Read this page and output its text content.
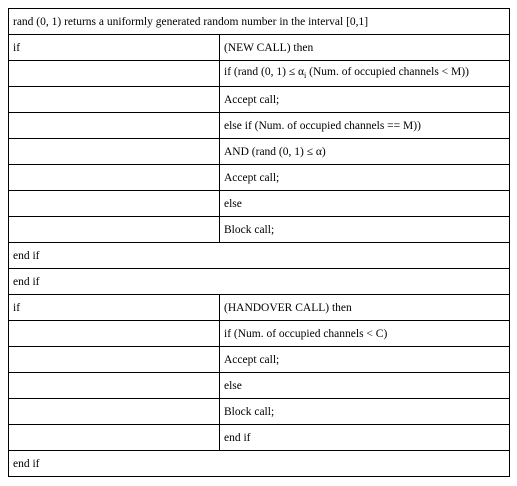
rand (0, 1) returns a uniformly generated random number in the interval [0,1]	
if	(NEW CALL) then
	if (rand (0, $1) \le \alpha_i$ (Num. of occupied channels < M))
	Accept call;
	else if (Num. of occupied channels == M))
	AND (rand (0, 1) ≤ α)
	Accept call;
	else
	Block call;
end if	
end if	
if	(HANDOVER CALL) then
	if (Num. of occupied channels < C)
	Accept call;
	else
	Block call;
	end if
end if	
